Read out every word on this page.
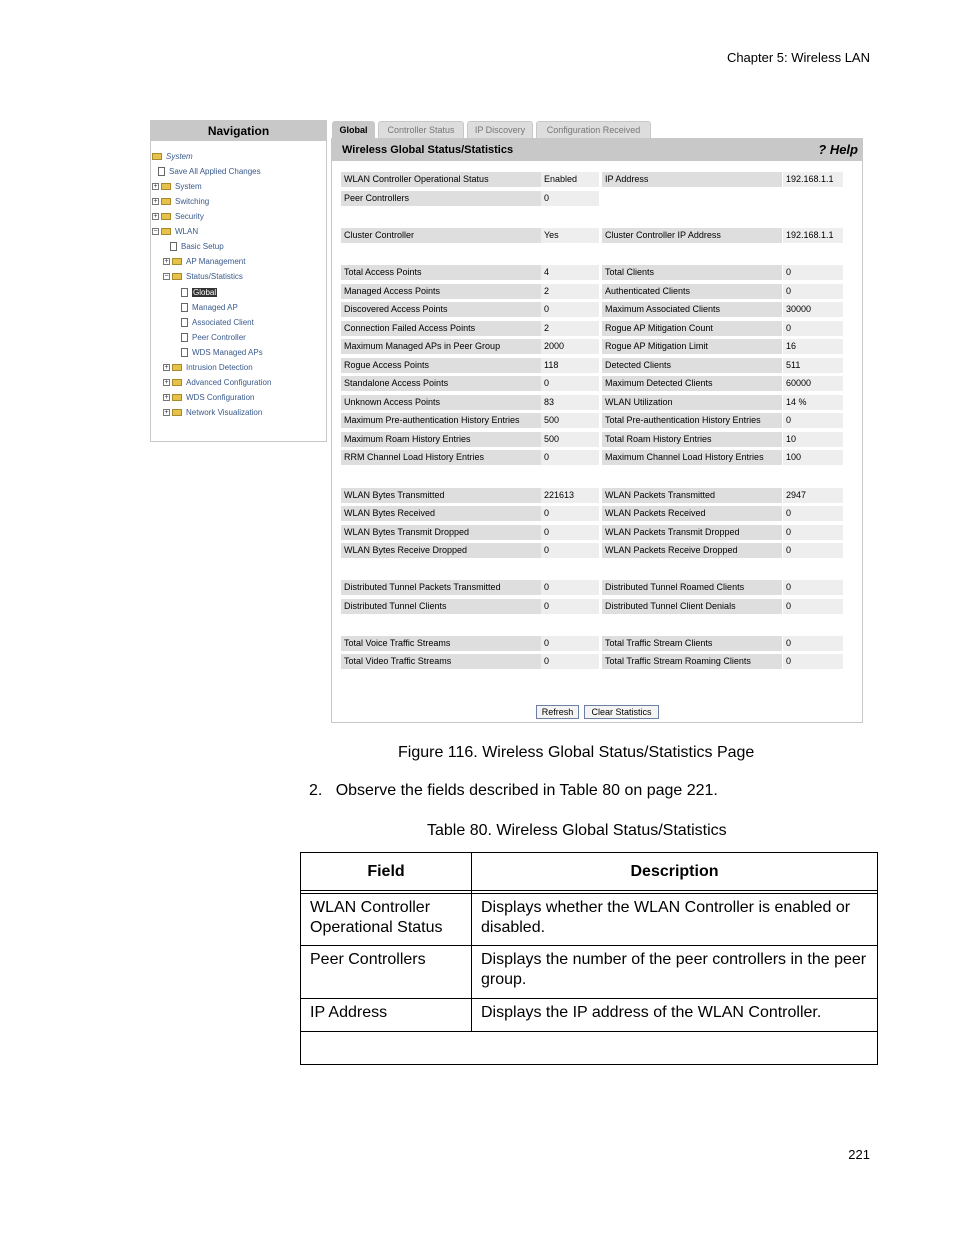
Chapter 5: Wireless LAN
Navigation
System
Save All Applied Changes
+ System
+ Switching
+ Security
− WLAN
Basic Setup
+ AP Management
− Status/Statistics
Global
Managed AP
Associated Client
Peer Controller
WDS Managed APs
+ Intrusion Detection
+ Advanced Configuration
+ WDS Configuration
+ Network Visualization
Global	Controller Status	IP Discovery	Configuration Received
Wireless Global Status/Statistics	? Help
WLAN Controller Operational Status	Enabled	IP Address	192.168.1.1
Peer Controllers	0
Cluster Controller	Yes	Cluster Controller IP Address	192.168.1.1
Total Access Points	4	Total Clients	0
Managed Access Points	2	Authenticated Clients	0
Discovered Access Points	0	Maximum Associated Clients	30000
Connection Failed Access Points	2	Rogue AP Mitigation Count	0
Maximum Managed APs in Peer Group	2000	Rogue AP Mitigation Limit	16
Rogue Access Points	118	Detected Clients	511
Standalone Access Points	0	Maximum Detected Clients	60000
Unknown Access Points	83	WLAN Utilization	14 %
Maximum Pre-authentication History Entries	500	Total Pre-authentication History Entries	0
Maximum Roam History Entries	500	Total Roam History Entries	10
RRM Channel Load History Entries	0	Maximum Channel Load History Entries	100
WLAN Bytes Transmitted	221613	WLAN Packets Transmitted	2947
WLAN Bytes Received	0	WLAN Packets Received	0
WLAN Bytes Transmit Dropped	0	WLAN Packets Transmit Dropped	0
WLAN Bytes Receive Dropped	0	WLAN Packets Receive Dropped	0
Distributed Tunnel Packets Transmitted	0	Distributed Tunnel Roamed Clients	0
Distributed Tunnel Clients	0	Distributed Tunnel Client Denials	0
Total Voice Traffic Streams	0	Total Traffic Stream Clients	0
Total Video Traffic Streams	0	Total Traffic Stream Roaming Clients	0
Refresh	Clear Statistics
Figure 116. Wireless Global Status/Statistics Page
2. Observe the fields described in Table 80 on page 221.
Table 80. Wireless Global Status/Statistics
Field	Description

WLAN Controller Operational Status	Displays whether the WLAN Controller is enabled or disabled.
Peer Controllers	Displays the number of the peer controllers in the peer group.
IP Address	Displays the IP address of the WLAN Controller.

221
